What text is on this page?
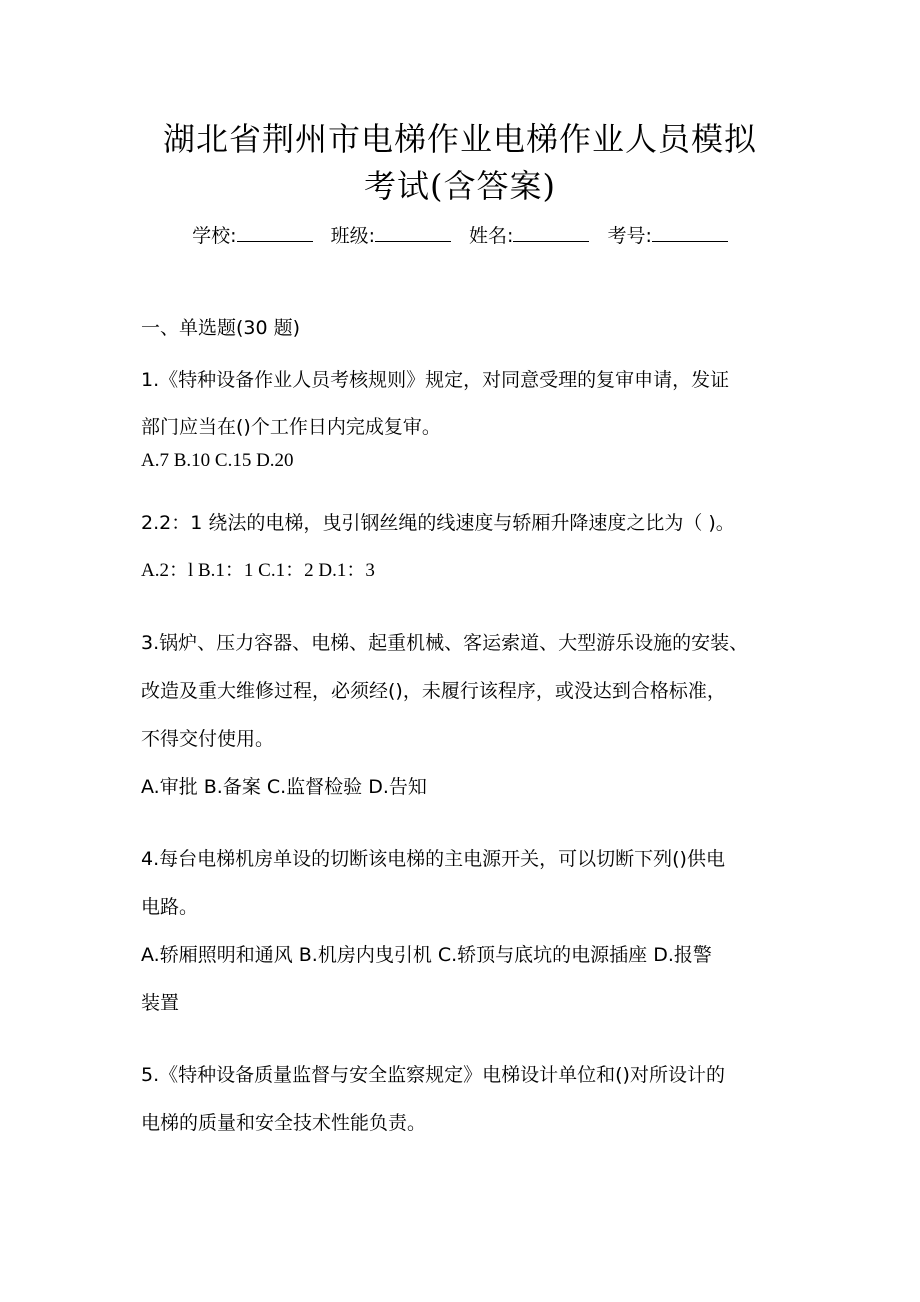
湖北省荆州市电梯作业电梯作业人员模拟
考试(含答案)
学校:	班级:	姓名:	考号:
一、单选题(30 题)
1.《特种设备作业人员考核规则》规定，对同意受理的复审申请，发证
部门应当在()个工作日内完成复审。
A.7 B.10 C.15 D.20
2.2：1 绕法的电梯，曳引钢丝绳的线速度与轿厢升降速度之比为（ )。
A.2：l B.1：1 C.1：2 D.1：3
3.锅炉、压力容器、电梯、起重机械、客运索道、大型游乐设施的安装、
改造及重大维修过程，必须经()，未履行该程序，或没达到合格标准，
不得交付使用。
A.审批 B.备案 C.监督检验 D.告知
4.每台电梯机房单设的切断该电梯的主电源开关，可以切断下列()供电
电路。
A.轿厢照明和通风 B.机房内曳引机 C.轿顶与底坑的电源插座 D.报警
装置
5.《特种设备质量监督与安全监察规定》电梯设计单位和()对所设计的
电梯的质量和安全技术性能负责。
